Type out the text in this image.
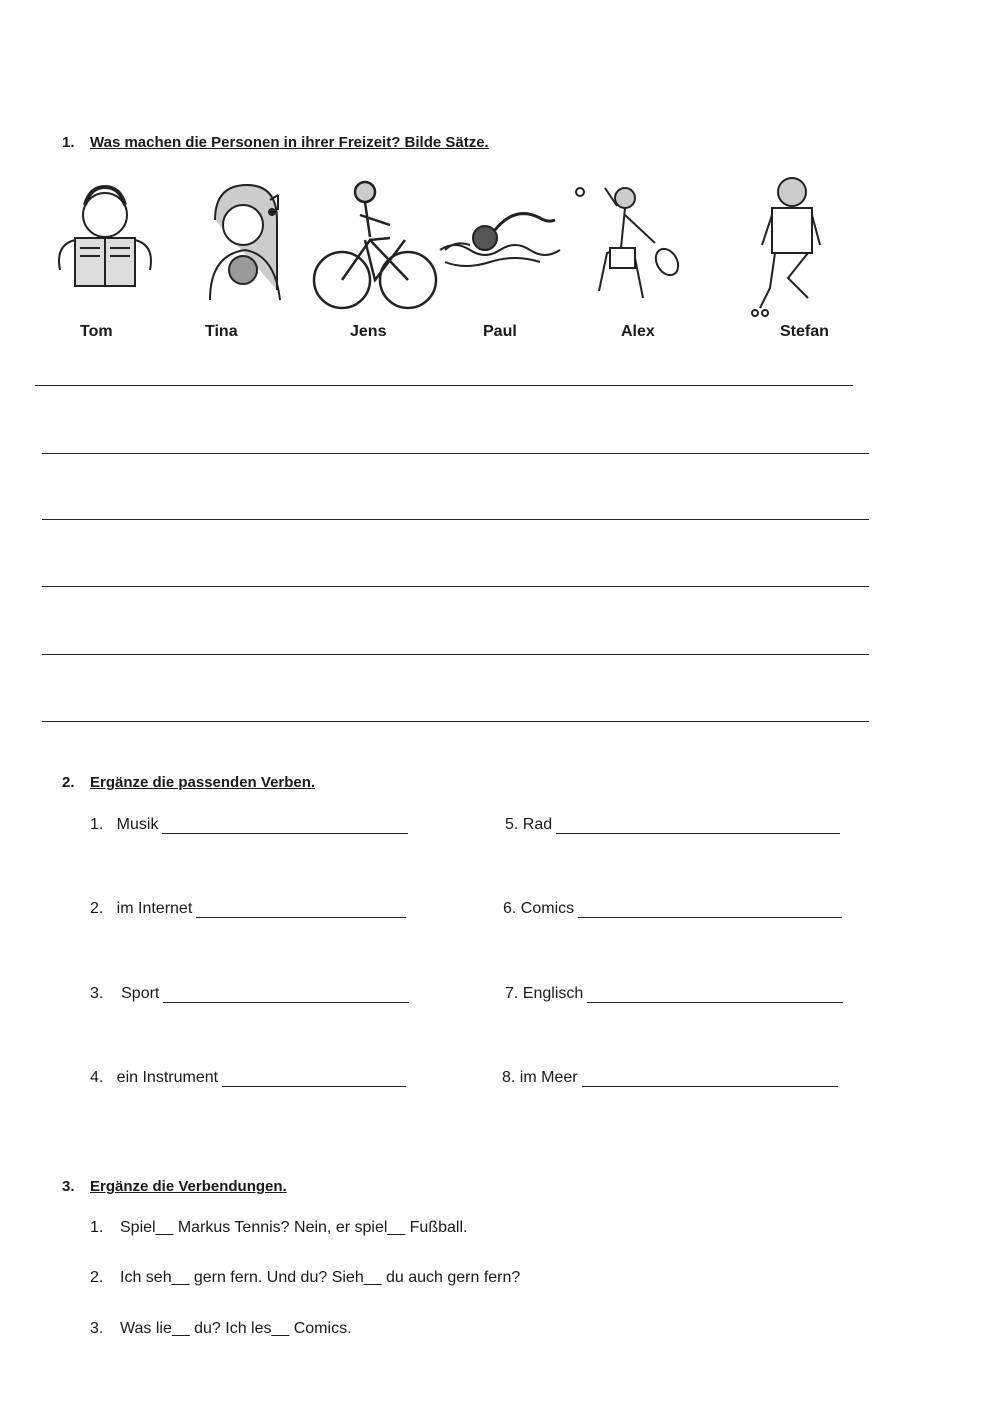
1. Was machen die Personen in ihrer Freizeit? Bilde Sätze.
Tom	Tina	Jens	Paul	Alex	Stefan
2. Ergänze die passenden Verben.
1.   Musik
2.   im Internet
3.    Sport
4.   ein Instrument
5. Rad
6. Comics
7. Englisch
8. im Meer
3. Ergänze die Verbendungen.
1. Spiel__ Markus Tennis? Nein, er spiel__ Fußball.
2. Ich seh__ gern fern. Und du? Sieh__ du auch gern fern?
3. Was lie__ du? Ich les__ Comics.
